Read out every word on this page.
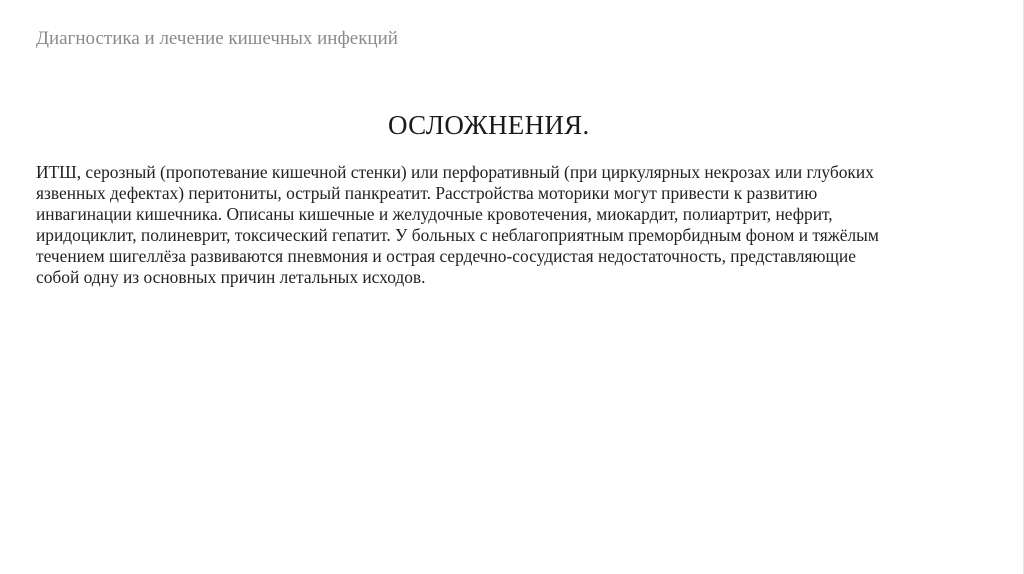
Диагностика и лечение кишечных инфекций
ОСЛОЖНЕНИЯ.
ИТШ, серозный (пропотевание кишечной стенки) или перфоративный (при циркулярных некрозах или глубоких
язвенных дефектах) перитониты, острый панкреатит. Расстройства моторики могут привести к развитию
инвагинации кишечника. Описаны кишечные и желудочные кровотечения, миокардит, полиартрит, нефрит,
иридоциклит, полиневрит, токсический гепатит. У больных с неблагоприятным преморбидным фоном и тяжёлым
течением шигеллёза развиваются пневмония и острая сердечно-сосудистая недостаточность, представляющие
собой одну из основных причин летальных исходов.
